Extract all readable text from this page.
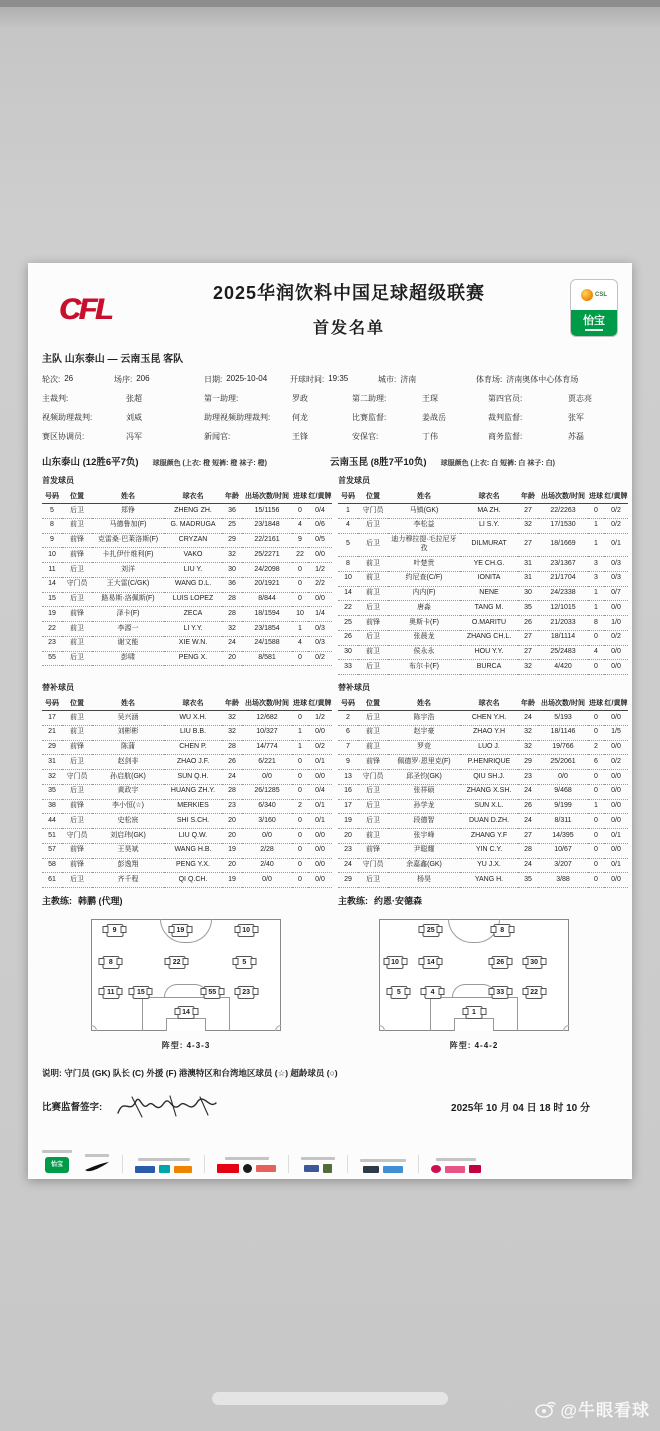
CFL	2025华润饮料中国足球超级联赛
首发名单
CSL
怡宝
主队 山东泰山 — 云南玉昆 客队
轮次: 26	场序: 206	日期: 2025-10-04	开球时间: 19:35	城市: 济南	体育场: 济南奥体中心体育场
主裁判:	张超	第一助理:	罗政	第二助理:	王琛	第四官员:	贾志亮
视频助理裁判:	刘威	助理视频助理裁判:	何龙	比赛监督:	姜战岳	裁判监督:	张军
赛区协调员:	冯军	新闻官:	王锋	安保官:	丁伟	商务监督:	苏磊
山东泰山 (12胜6平7负) 球服颜色 (上衣: 橙 短裤: 橙 袜子: 橙)	云南玉昆 (8胜7平10负) 球服颜色 (上衣: 白 短裤: 白 袜子: 白)
首发球员
号码	位置	姓名	球衣名	年龄	出场次数/时间	进球	红/黄牌
5	后卫	郑铮	ZHENG ZH.	36	15/1156	0	0/4
8	前卫	马德鲁加(F)	G. MADRUGA	25	23/1848	4	0/6
9	前锋	克雷桑·巴莱洛斯(F)	CRYZAN	29	22/2161	9	0/5
10	前锋	卡扎伊什维利(F)	VAKO	32	25/2271	22	0/0
11	后卫	刘洋	LIU Y.	30	24/2098	0	1/2
14	守门员	王大雷(C/GK)	WANG D.L.	36	20/1921	0	2/2
15	后卫	路易斯·洛佩斯(F)	LUIS LOPEZ	28	8/844	0	0/0
19	前锋	泽卡(F)	ZECA	28	18/1594	10	1/4
22	前卫	李源一	LI Y.Y.	32	23/1854	1	0/3
23	前卫	谢文能	XIE W.N.	24	24/1588	4	0/3
55	后卫	彭啸	PENG X.	20	8/581	0	0/2
首发球员
号码	位置	姓名	球衣名	年龄	出场次数/时间	进球	红/黄牌
1	守门员	马镇(GK)	MA ZH.	27	22/2263	0	0/2
4	后卫	李松益	LI S.Y.	32	17/1530	1	0/2
5	后卫	迪力穆拉提·毛拉尼牙孜	DILMURAT	27	18/1669	1	0/1
8	前卫	叶楚贵	YE CH.G.	31	23/1367	3	0/3
10	前卫	约尼查(C/F)	IONITA	31	21/1704	3	0/3
14	前卫	内内(F)	NENE	30	24/2338	1	0/7
22	后卫	唐淼	TANG M.	35	12/1015	1	0/0
25	前锋	奥斯卡(F)	O.MARITU	26	21/2033	8	1/0
26	后卫	张晨龙	ZHANG CH.L.	27	18/1114	0	0/2
30	前卫	侯永永	HOU Y.Y.	27	25/2483	4	0/0
33	后卫	布尔卡(F)	BURCA	32	4/420	0	0/0
替补球员
号码	位置	姓名	球衣名	年龄	出场次数/时间	进球	红/黄牌
17	前卫	吴兴涵	WU X.H.	32	12/682	0	1/2
21	前卫	刘彬彬	LIU B.B.	32	10/327	1	0/0
29	前锋	陈蒲	CHEN P.	28	14/774	1	0/2
31	后卫	赵剑非	ZHAO J.F.	26	6/221	0	0/1
32	守门员	孙启航(GK)	SUN Q.H.	24	0/0	0	0/0
35	后卫	黄政宇	HUANG ZH.Y.	28	26/1285	0	0/4
38	前锋	李小恒(☆)	MERKIES	23	6/340	2	0/1
44	后卫	史松宸	SHI S.CH.	20	3/160	0	0/1
51	守门员	刘启玮(GK)	LIU Q.W.	20	0/0	0	0/0
57	前锋	王昊斌	WANG H.B.	19	2/28	0	0/0
58	前锋	彭逸翔	PENG Y.X.	20	2/40	0	0/0
61	后卫	齐千程	QI Q.CH.	19	0/0	0	0/0
主教练: 韩鹏 (代理)
替补球员
号码	位置	姓名	球衣名	年龄	出场次数/时间	进球	红/黄牌
2	后卫	陈宇浩	CHEN Y.H.	24	5/193	0	0/0
6	前卫	赵宇豪	ZHAO Y.H	32	18/1146	0	1/5
7	前卫	罗竞	LUO J.	32	19/766	2	0/0
9	前锋	佩德罗·恩里克(F)	P.HENRIQUE	29	25/2061	6	0/2
13	守门员	邱圣钧(GK)	QIU SH.J.	23	0/0	0	0/0
16	后卫	张祥硕	ZHANG X.SH.	24	9/468	0	0/0
17	后卫	孙学龙	SUN X.L.	26	9/199	1	0/0
19	后卫	段德智	DUAN D.ZH.	24	8/311	0	0/0
20	前卫	张宇峰	ZHANG Y.F	27	14/395	0	0/1
23	前锋	尹聪耀	YIN C.Y.	28	10/67	0	0/0
24	守门员	余嘉鑫(GK)	YU J.X.	24	3/207	0	0/1
29	后卫	杨昊	YANG H.	35	3/88	0	0/0
主教练: 约恩·安德森
9	19	10
8	22	5
11	15	55	23
14
阵型: 4-3-3
25	8
10	14	26	30
5	4	33	22
1
阵型: 4-4-2
说明: 守门员 (GK) 队长 (C) 外援 (F) 港澳特区和台湾地区球员 (☆) 超龄球员 (○)
比赛监督签字:	2025年 10 月 04 日 18 时 10 分
怡宝
@牛眼看球
